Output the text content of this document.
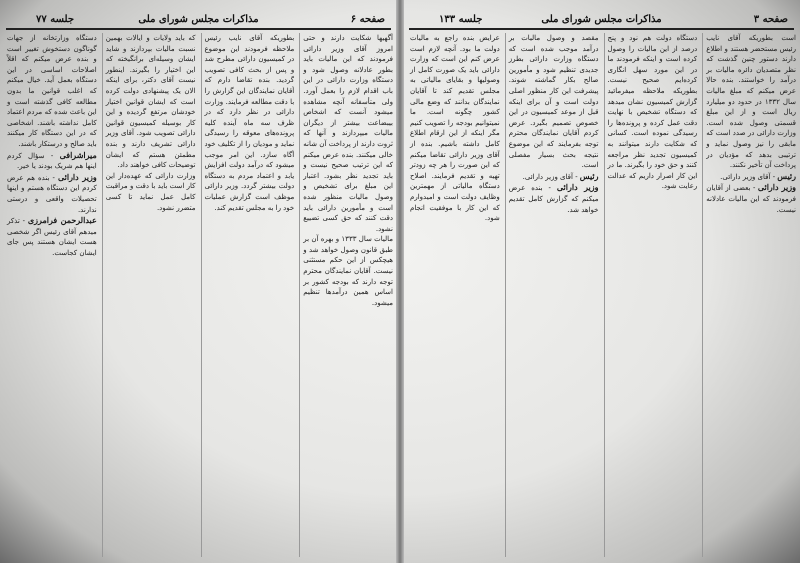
صفحه ۳
مذاکرات مجلس شورای ملی
جلسه ۱۳۳

است بطوریکه آقای نایب رئیس مستحضر هستند و اطلاع دارند دستور چنین گذشت که نظر متصدیان دائره مالیات بر درآمد را خواستند. بنده حالا عرض میکنم که مبلغ مالیات سال ۱۳۳۲ در حدود دو میلیارد ریال است و از این مبلغ قسمتی وصول شده است. وزارت دارائی در صدد است که مابقی را نیز وصول نماید و ترتیبی بدهد که مؤدیان در پرداخت آن تأخیر نکنند.

رئیس - آقای وزیر دارائی.

وزیر دارائی - بعضی از آقایان فرمودند که این مالیات عادلانه نیست.

دستگاه دولت هم نود و پنج درصد از این مالیات را وصول کرده است و اینکه فرمودند ما در این مورد سهل انگاری کرده‌ایم صحیح نیست. بطوریکه ملاحظه میفرمائید گزارش کمیسیون نشان میدهد که دستگاه تشخیص با نهایت دقت عمل کرده و پرونده‌ها را رسیدگی نموده است. کسانی که شکایت دارند میتوانند به کمیسیون تجدید نظر مراجعه کنند و حق خود را بگیرند. ما در این کار اصرار داریم که عدالت رعایت شود.

مقصد و وصول مالیات بر درآمد موجب شده است که دستگاه وزارت دارائی بطرز جدیدی تنظیم شود و مأمورین صالح بکار گماشته شوند. پیشرفت این کار منظور اصلی دولت است و آن برای اینکه قبل از موعد کمیسیون در این خصوص تصمیم بگیرد. عرض کردم آقایان نمایندگان محترم توجه بفرمایند که این موضوع نتیجه بحث بسیار مفصلی است.

رئیس - آقای وزیر دارائی.

وزیر دارائی - بنده عرض میکنم که گزارش کامل تقدیم خواهد شد.

عرایض بنده راجع به مالیات دولت ما بود. آنچه لازم است عرض کنم این است که وزارت دارائی باید یک صورت کامل از وصولیها و بقایای مالیاتی به مجلس تقدیم کند تا آقایان نمایندگان بدانند که وضع مالی کشور چگونه است. ما نمیتوانیم بودجه را تصویب کنیم مگر اینکه از این ارقام اطلاع کامل داشته باشیم. بنده از آقای وزیر دارائی تقاضا میکنم که این صورت را هر چه زودتر تهیه و تقدیم فرمایند. اصلاح دستگاه مالیاتی از مهمترین وظایف دولت است و امیدوارم که این کار با موفقیت انجام شود.

صفحه ۶
مذاکرات مجلس شورای ملی
جلسه ۷۷

آگهیها شکایت دارند و حتی امروز آقای وزیر دارائی فرمودند که این مالیات باید بطور عادلانه وصول شود و دستگاه وزارت دارائی در این باب اقدام لازم را بعمل آورد. ولی متأسفانه آنچه مشاهده میشود آنست که اشخاص بیبضاعت بیشتر از دیگران مالیات میپردازند و آنها که ثروت دارند از پرداخت آن شانه خالی میکنند. بنده عرض میکنم که این ترتیب صحیح نیست و باید تجدید نظر بشود. اعتبار این مبلغ برای تشخیص و وصول مالیات منظور شده است و مأمورین دارائی باید دقت کنند که حق کسی تضییع نشود.

مالیات سال ۱۳۳۳ و بهره آن بر طبق قانون وصول خواهد شد و هیچکس از این حکم مستثنی نیست. آقایان نمایندگان محترم توجه دارند که بودجه کشور بر اساس همین درآمدها تنظیم میشود.

بطوریکه آقای نایب رئیس ملاحظه فرمودند این موضوع در کمیسیون دارائی مطرح شد و پس از بحث کافی تصویب گردید. بنده تقاضا دارم که آقایان نمایندگان این گزارش را با دقت مطالعه فرمایند. وزارت دارائی در نظر دارد که در ظرف سه ماه آینده کلیه پرونده‌های معوقه را رسیدگی نماید و مودیان را از تکلیف خود آگاه سازد. این امر موجب میشود که درآمد دولت افزایش یابد و اعتماد مردم به دستگاه دولت بیشتر گردد. وزیر دارائی موظف است گزارش عملیات خود را به مجلس تقدیم کند.

که باید ولایات و ایالات بهمین نسبت مالیات بپردازند و شاید ایشان وسیله‌ای برانگیخته که این اختیار را بگیرند. اینطور نیست آقای دکتر، برای اینکه الان یک پیشنهادی دولت کرده است که ایشان قوانین اختیار خودشان مرتفع گردیده و این کار بوسیله کمیسیون قوانین دارائی تصویب شود. آقای وزیر دارائی تشریف دارند و بنده مطمئن هستم که ایشان توضیحات کافی خواهند داد.

وزارت دارائی که عهده‌دار این کار است باید با دقت و مراقبت کامل عمل نماید تا کسی متضرر نشود.

دستگاه وزارتخانه از جهات گوناگون دستخوش تغییر است و بنده عرض میکنم که اقلاً اصلاحات اساسی در این دستگاه بعمل آید. خیال میکنم که اغلب قوانین ما بدون مطالعه کافی گذشته است و این باعث شده که مردم اعتماد کامل نداشته باشند. اشخاصی که در این دستگاه کار میکنند باید صالح و درستکار باشند.

میراشرافی - سؤال کردم اینها هم شریک بودند یا خیر.

وزیر دارائی - بنده هم عرض کردم این دستگاه هستم و اینها تحصیلات واقعی و درستی ندارند.

عبدالرحمن فرامرزی - تذکر میدهم آقای رئیس اگر شخصی هست ایشان هستند پس جای ایشان کجاست.
